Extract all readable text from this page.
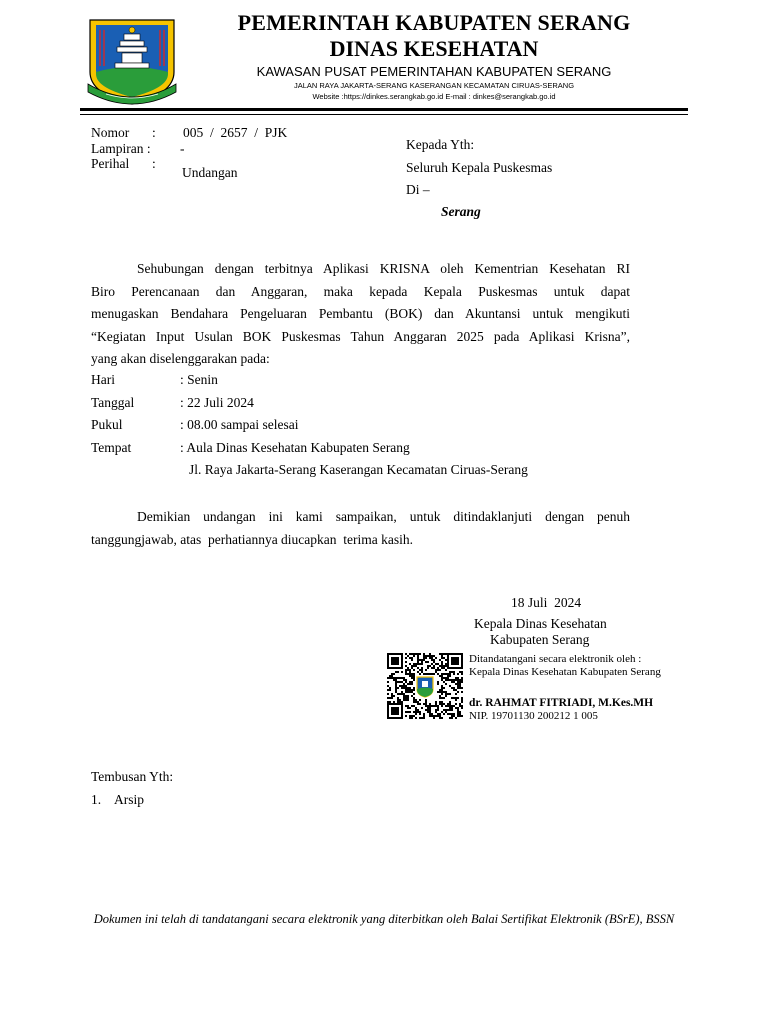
PEMERINTAH KABUPATEN SERANG
DINAS KESEHATAN
KAWASAN PUSAT PEMERINTAHAN KABUPATEN SERANG
JALAN RAYA JAKARTA-SERANG KASERANGAN KECAMATAN CIRUAS-SERANG
Website :https://dinkes.serangkab.go.id E-mail : dinkes@serangkab.go.id
Nomor : 005  /  2657  /  PJK
Lampiran : -
Perihal :
Undangan
Kepada Yth:
Seluruh Kepala Puskesmas
Di –
Serang
Sehubungan dengan terbitnya Aplikasi KRISNA oleh Kementrian Kesehatan RI
Biro Perencanaan dan Anggaran, maka kepada Kepala Puskesmas untuk dapat
menugaskan Bendahara Pengeluaran Pembantu (BOK) dan Akuntansi untuk mengikuti
“Kegiatan Input Usulan BOK Puskesmas Tahun Anggaran 2025 pada Aplikasi Krisna”,
yang akan diselenggarakan pada:
Hari	: Senin
Tanggal	: 22 Juli 2024
Pukul	: 08.00 sampai selesai
Tempat	: Aula Dinas Kesehatan Kabupaten Serang
Jl. Raya Jakarta-Serang Kaserangan Kecamatan Ciruas-Serang
Demikian undangan ini kami sampaikan, untuk ditindaklanjuti dengan penuh
tanggungjawab, atas  perhatiannya diucapkan  terima kasih.
18 Juli  2024
Kepala Dinas Kesehatan
Kabupaten Serang
Ditandatangani secara elektronik oleh :
Kepala Dinas Kesehatan Kabupaten Serang
dr. RAHMAT FITRIADI, M.Kes.MH
NIP. 19701130 200212 1 005
Tembusan Yth:
1. Arsip
Dokumen ini telah di tandatangani secara elektronik yang diterbitkan oleh Balai Sertifikat Elektronik (BSrE), BSSN
